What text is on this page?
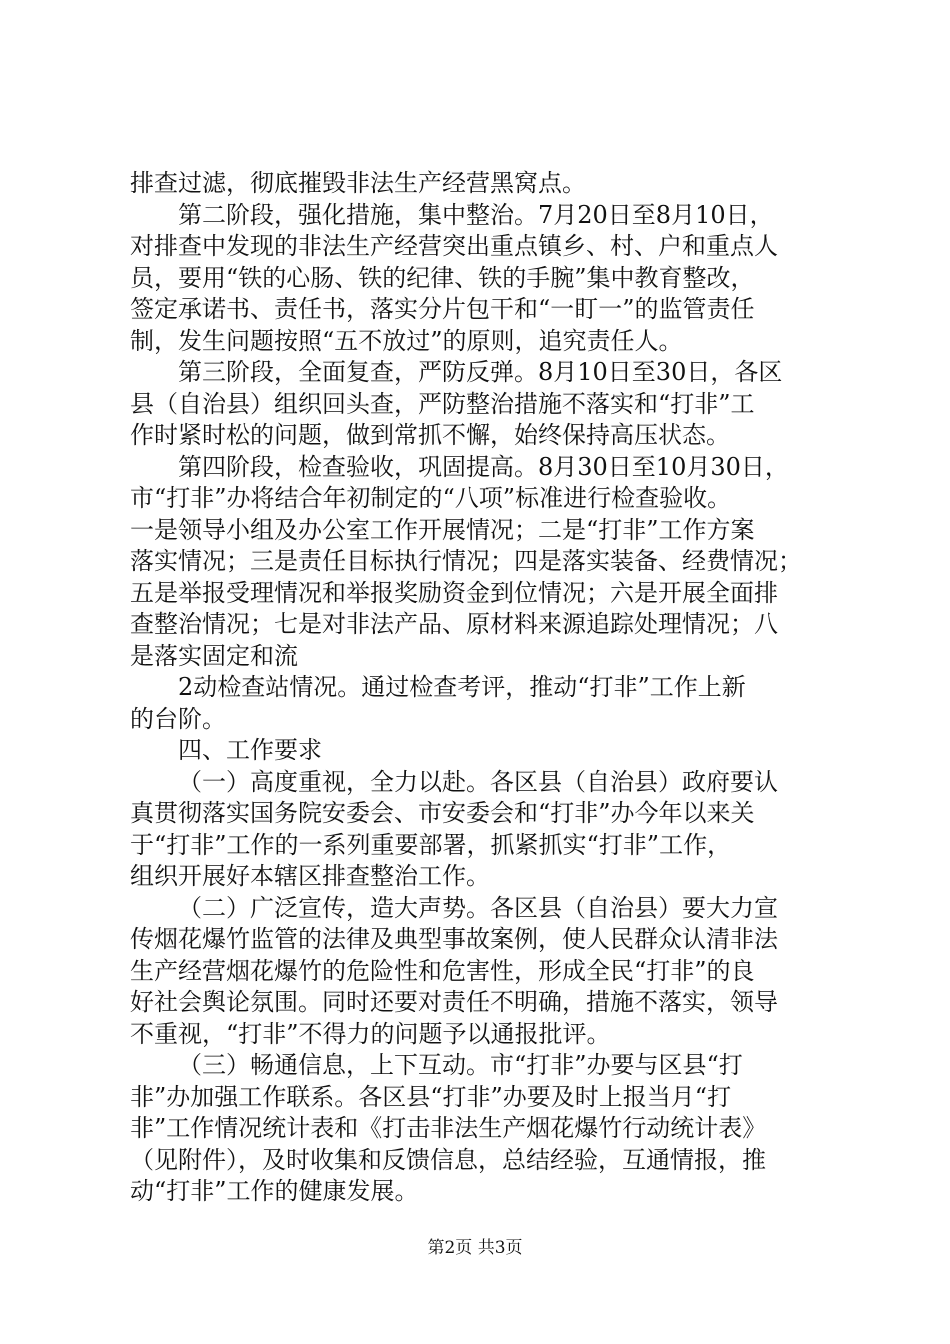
排查过滤，彻底摧毁非法生产经营黑窝点。
第二阶段，强化措施，集中整治。7月20日至8月10日，
对排查中发现的非法生产经营突出重点镇乡、村、户和重点人
员，要用“铁的心肠、铁的纪律、铁的手腕”集中教育整改，
签定承诺书、责任书，落实分片包干和“一盯一”的监管责任
制，发生问题按照“五不放过”的原则，追究责任人。
第三阶段，全面复查，严防反弹。8月10日至30日，各区
县（自治县）组织回头查，严防整治措施不落实和“打非”工
作时紧时松的问题，做到常抓不懈，始终保持高压状态。
第四阶段，检查验收，巩固提高。8月30日至10月30日，
市“打非”办将结合年初制定的“八项”标准进行检查验收。
一是领导小组及办公室工作开展情况；二是“打非”工作方案
落实情况；三是责任目标执行情况；四是落实装备、经费情况；
五是举报受理情况和举报奖励资金到位情况；六是开展全面排
查整治情况；七是对非法产品、原材料来源追踪处理情况；八
是落实固定和流
2动检查站情况。通过检查考评，推动“打非”工作上新
的台阶。
四、工作要求
（一）高度重视，全力以赴。各区县（自治县）政府要认
真贯彻落实国务院安委会、市安委会和“打非”办今年以来关
于“打非”工作的一系列重要部署，抓紧抓实“打非”工作，
组织开展好本辖区排查整治工作。
（二）广泛宣传，造大声势。各区县（自治县）要大力宣
传烟花爆竹监管的法律及典型事故案例，使人民群众认清非法
生产经营烟花爆竹的危险性和危害性，形成全民“打非”的良
好社会舆论氛围。同时还要对责任不明确，措施不落实，领导
不重视，“打非”不得力的问题予以通报批评。
（三）畅通信息，上下互动。市“打非”办要与区县“打
非”办加强工作联系。各区县“打非”办要及时上报当月“打
非”工作情况统计表和《打击非法生产烟花爆竹行动统计表》
（见附件），及时收集和反馈信息，总结经验，互通情报，推
动“打非”工作的健康发展。
第2页 共3页
